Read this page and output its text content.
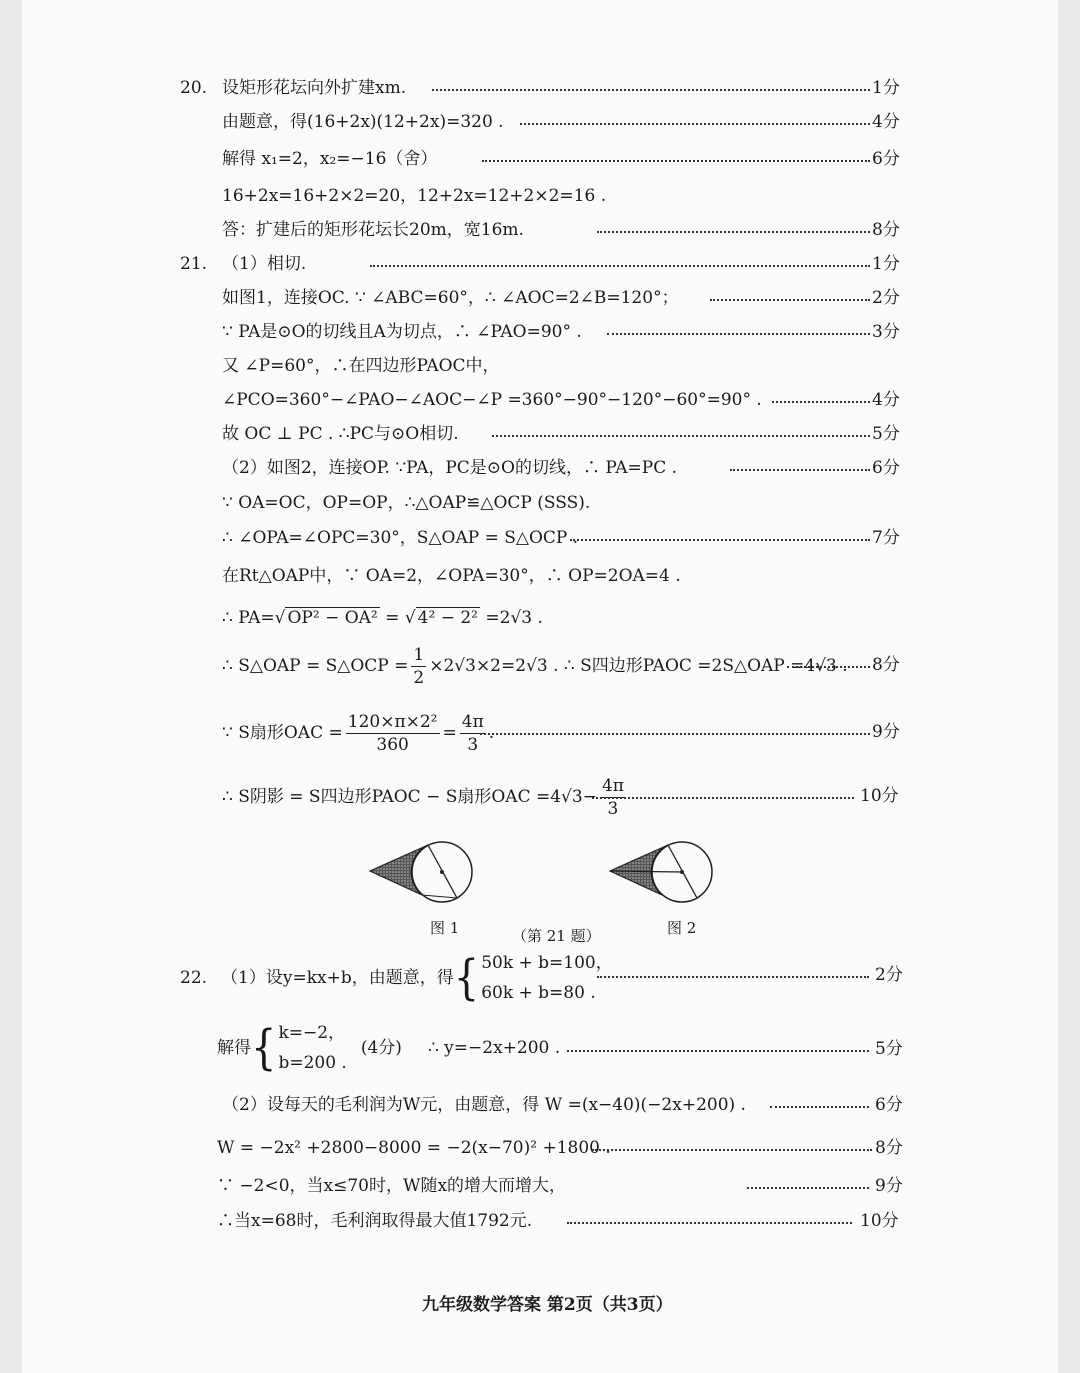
20. 设矩形花坛向外扩建xm.	1分
由题意，得(16+2x)(12+2x)=320 .	4分
解得 x₁=2，x₂=−16（舍）	6分
16+2x=16+2×2=20，12+2x=12+2×2=16 .
答：扩建后的矩形花坛长20m，宽16m.	8分
21. （1）相切.	1分
如图1，连接OC. ∵ ∠ABC=60°，∴ ∠AOC=2∠B=120°；	2分
∵ PA是⊙O的切线且A为切点，∴ ∠PAO=90° .	3分
又 ∠P=60°，∴在四边形PAOC中，
∠PCO=360°−∠PAO−∠AOC−∠P =360°−90°−120°−60°=90° .	4分
故 OC ⊥ PC . ∴PC与⊙O相切.	5分
（2）如图2，连接OP. ∵PA，PC是⊙O的切线，∴ PA=PC .	6分
∵ OA=OC，OP=OP，∴△OAP≌△OCP (SSS).
∴ ∠OPA=∠OPC=30°，S△OAP = S△OCP .	7分
在Rt△OAP中，∵ OA=2，∠OPA=30°，∴ OP=2OA=4 .
∴ PA=√ OP² − OA² = √ 4² − 2² =2√3 .
∴ S△OAP = S△OCP = $\frac{1}{2} \times 2√3\times 2=2√3$ . ∴ S四边形PAOC =2S△OAP =4√3 . 8分
∵ S扇形OAC = $\frac{\text{120×π×2²}}{360} = \frac{4\pi}{3}$ .	9分
∴ S阴影 = S四边形PAOC − S扇形OAC $=4√3- \frac{4\pi}{3}$	10分
图 1	图 2
（第 21 题）
22. （1）设y=kx+b，由题意，得 { 50k + b=100，
60k + b=80 .
2分
解得 { k=−2，
b=200 .
(4分) ∴ y=−2x+200 .	5分
（2）设每天的毛利润为W元，由题意，得 W =(x−40)(−2x+200) .	6分
W = −2x² +2800−8000 = −2(x−70)² +1800 .	8分
∵ −2<0，当x≤70时，W随x的增大而增大，	9分
∴当x=68时，毛利润取得最大值1792元.	10分
九年级数学答案 第2页（共3页）
